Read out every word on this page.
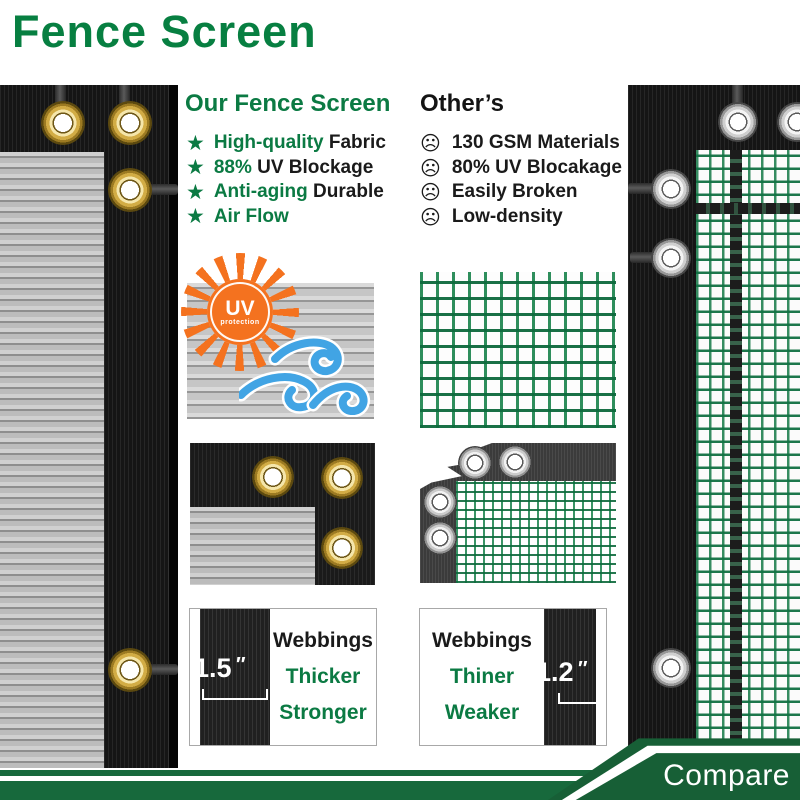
Fence Screen
Our Fence Screen
★ High-quality Fabric
★ 88% UV Blockage
★ Anti-aging Durable
★ Air Flow
Other’s
☹ 130 GSM Materials
☹ 80% UV Blocakage
☹ Easily Broken
☹ Low-density
UV
protection
1.5 ″
Webbings
Thicker
Stronger
1.2 ″
Webbings
Thiner
Weaker
Compare
